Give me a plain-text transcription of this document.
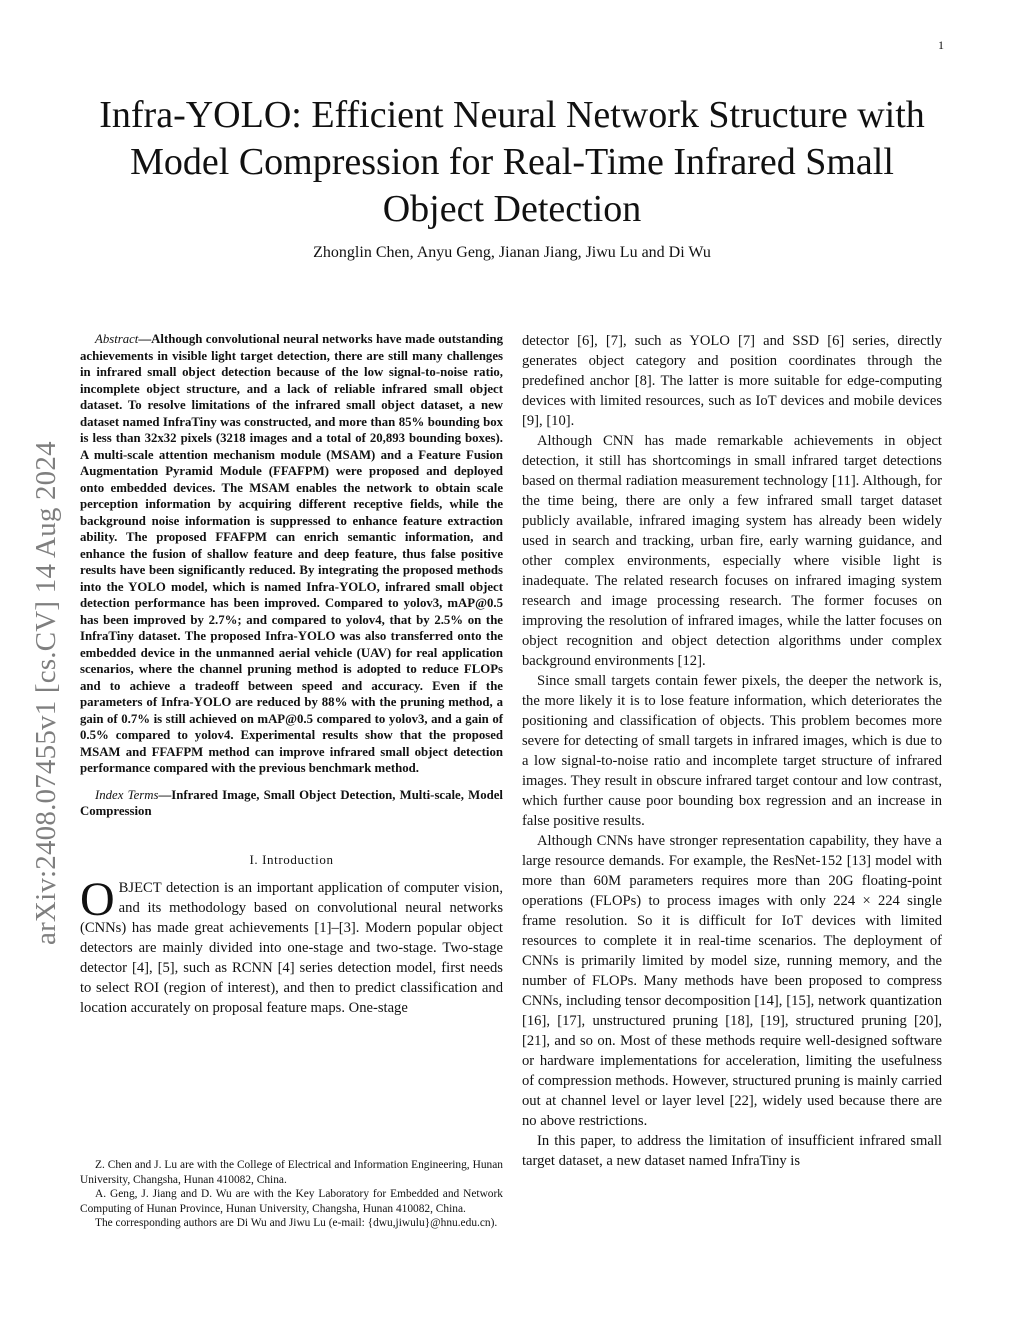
1
arXiv:2408.07455v1 [cs.CV] 14 Aug 2024
Infra-YOLO: Efficient Neural Network Structure with Model Compression for Real-Time Infrared Small Object Detection
Zhonglin Chen, Anyu Geng, Jianan Jiang, Jiwu Lu and Di Wu

Abstract—Although convolutional neural networks have made outstanding achievements in visible light target detection, there are still many challenges in infrared small object detection because of the low signal-to-noise ratio, incomplete object structure, and a lack of reliable infrared small object dataset. To resolve limitations of the infrared small object dataset, a new dataset named InfraTiny was constructed, and more than 85% bounding box is less than 32x32 pixels (3218 images and a total of 20,893 bounding boxes). A multi-scale attention mechanism module (MSAM) and a Feature Fusion Augmentation Pyramid Module (FFAFPM) were proposed and deployed onto embedded devices. The MSAM enables the network to obtain scale perception information by acquiring different receptive fields, while the background noise information is suppressed to enhance feature extraction ability. The proposed FFAFPM can enrich semantic information, and enhance the fusion of shallow feature and deep feature, thus false positive results have been significantly reduced. By integrating the proposed methods into the YOLO model, which is named Infra-YOLO, infrared small object detection performance has been improved. Compared to yolov3, mAP@0.5 has been improved by 2.7%; and compared to yolov4, that by 2.5% on the InfraTiny dataset. The proposed Infra-YOLO was also transferred onto the embedded device in the unmanned aerial vehicle (UAV) for real application scenarios, where the channel pruning method is adopted to reduce FLOPs and to achieve a tradeoff between speed and accuracy. Even if the parameters of Infra-YOLO are reduced by 88% with the pruning method, a gain of 0.7% is still achieved on mAP@0.5 compared to yolov3, and a gain of 0.5% compared to yolov4. Experimental results show that the proposed MSAM and FFAFPM method can improve infrared small object detection performance compared with the previous benchmark method.

Index Terms—Infrared Image, Small Object Detection, Multi-scale, Model Compression

I. Introduction

OBJECT detection is an important application of computer vision, and its methodology based on convolutional neural networks (CNNs) has made great achievements [1]–[3]. Modern popular object detectors are mainly divided into one-stage and two-stage. Two-stage detector [4], [5], such as RCNN [4] series detection model, first needs to select ROI (region of interest), and then to predict classification and location accurately on proposal feature maps. One-stage

Z. Chen and J. Lu are with the College of Electrical and Information Engineering, Hunan University, Changsha, Hunan 410082, China.

A. Geng, J. Jiang and D. Wu are with the Key Laboratory for Embedded and Network Computing of Hunan Province, Hunan University, Changsha, Hunan 410082, China.

The corresponding authors are Di Wu and Jiwu Lu (e-mail: {dwu,jiwulu}@hnu.edu.cn).

detector [6], [7], such as YOLO [7] and SSD [6] series, directly generates object category and position coordinates through the predefined anchor [8]. The latter is more suitable for edge-computing devices with limited resources, such as IoT devices and mobile devices [9], [10].

Although CNN has made remarkable achievements in object detection, it still has shortcomings in small infrared target detections based on thermal radiation measurement technology [11]. Although, for the time being, there are only a few infrared small target dataset publicly available, infrared imaging system has already been widely used in search and tracking, urban fire, early warning guidance, and other complex environments, especially where visible light is inadequate. The related research focuses on infrared imaging system research and image processing research. The former focuses on improving the resolution of infrared images, while the latter focuses on object recognition and object detection algorithms under complex background environments [12].

Since small targets contain fewer pixels, the deeper the network is, the more likely it is to lose feature information, which deteriorates the positioning and classification of objects. This problem becomes more severe for detecting of small targets in infrared images, which is due to a low signal-to-noise ratio and incomplete target structure of infrared images. They result in obscure infrared target contour and low contrast, which further cause poor bounding box regression and an increase in false positive results.

Although CNNs have stronger representation capability, they have a large resource demands. For example, the ResNet-152 [13] model with more than 60M parameters requires more than 20G floating-point operations (FLOPs) to process images with only 224 × 224 single frame resolution. So it is difficult for IoT devices with limited resources to complete it in real-time scenarios. The deployment of CNNs is primarily limited by model size, running memory, and the number of FLOPs. Many methods have been proposed to compress CNNs, including tensor decomposition [14], [15], network quantization [16], [17], unstructured pruning [18], [19], structured pruning [20], [21], and so on. Most of these methods require well-designed software or hardware implementations for acceleration, limiting the usefulness of compression methods. However, structured pruning is mainly carried out at channel level or layer level [22], widely used because there are no above restrictions.

In this paper, to address the limitation of insufficient infrared small target dataset, a new dataset named InfraTiny is
